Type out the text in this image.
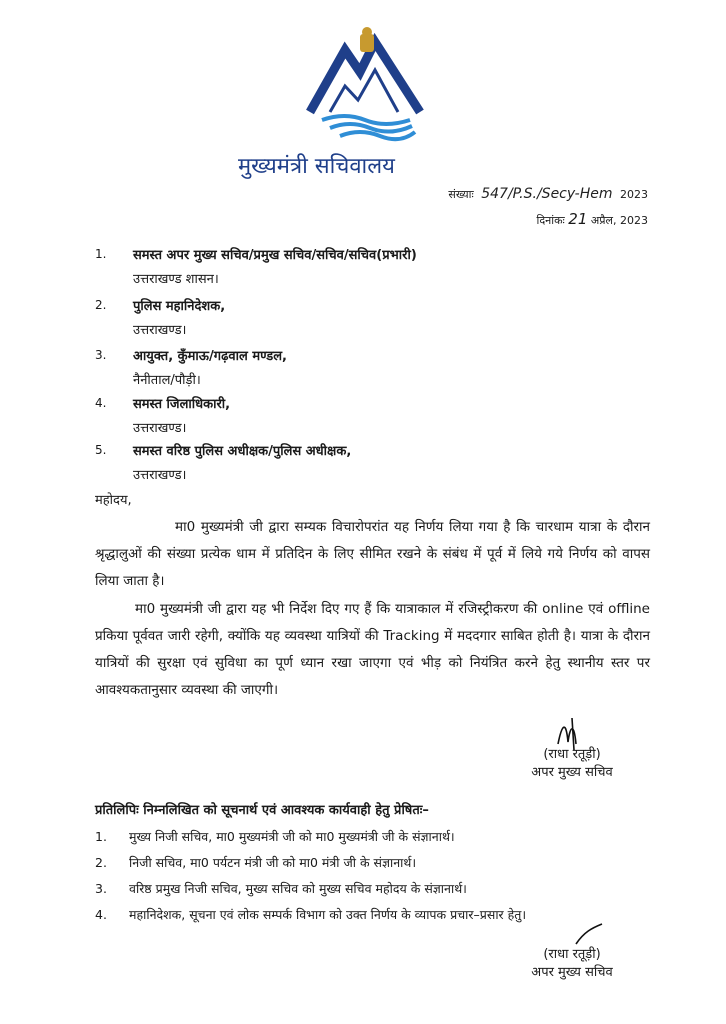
मुख्यमंत्री सचिवालय
संख्याः 547/P.S./Secy-Hem 2023
दिनांकः 21 अप्रैल, 2023
1.	समस्त अपर मुख्य सचिव/प्रमुख सचिव/सचिव/सचिव(प्रभारी)
उत्तराखण्ड शासन।
2.	पुलिस महानिदेशक,
उत्तराखण्ड।
3.	आयुक्त, कुँमाऊ/गढ़वाल मण्डल,
नैनीताल/पौड़ी।
4.	समस्त जिलाधिकारी,
उत्तराखण्ड।
5.	समस्त वरिष्ठ पुलिस अधीक्षक/पुलिस अधीक्षक,
उत्तराखण्ड।
महोदय,
मा0 मुख्यमंत्री जी द्वारा सम्यक विचारोपरांत यह निर्णय लिया गया है कि चारधाम यात्रा के दौरान श्रृद्धालुओं की संख्या प्रत्येक धाम में प्रतिदिन के लिए सीमित रखने के संबंध में पूर्व में लिये गये निर्णय को वापस लिया जाता है।
मा0 मुख्यमंत्री जी द्वारा यह भी निर्देश दिए गए हैं कि यात्राकाल में रजिस्ट्रीकरण की online एवं offline प्रकिया पूर्ववत जारी रहेगी, क्योंकि यह व्यवस्था यात्रियों की Tracking में मददगार साबित होती है। यात्रा के दौरान यात्रियों की सुरक्षा एवं सुविधा का पूर्ण ध्यान रखा जाएगा एवं भीड़ को नियंत्रित करने हेतु स्थानीय स्तर पर आवश्यकतानुसार व्यवस्था की जाएगी।
(राधा रतूड़ी)
अपर मुख्य सचिव
प्रतिलिपिः निम्नलिखित को सूचनार्थ एवं आवश्यक कार्यवाही हेतु प्रेषितः–
1. मुख्य निजी सचिव, मा0 मुख्यमंत्री जी को मा0 मुख्यमंत्री जी के संज्ञानार्थ।
2. निजी सचिव, मा0 पर्यटन मंत्री जी को मा0 मंत्री जी के संज्ञानार्थ।
3. वरिष्ठ प्रमुख निजी सचिव, मुख्य सचिव को मुख्य सचिव महोदय के संज्ञानार्थ।
4. महानिदेशक, सूचना एवं लोक सम्पर्क विभाग को उक्त निर्णय के व्यापक प्रचार–प्रसार हेतु।
(राधा रतूड़ी)
अपर मुख्य सचिव
